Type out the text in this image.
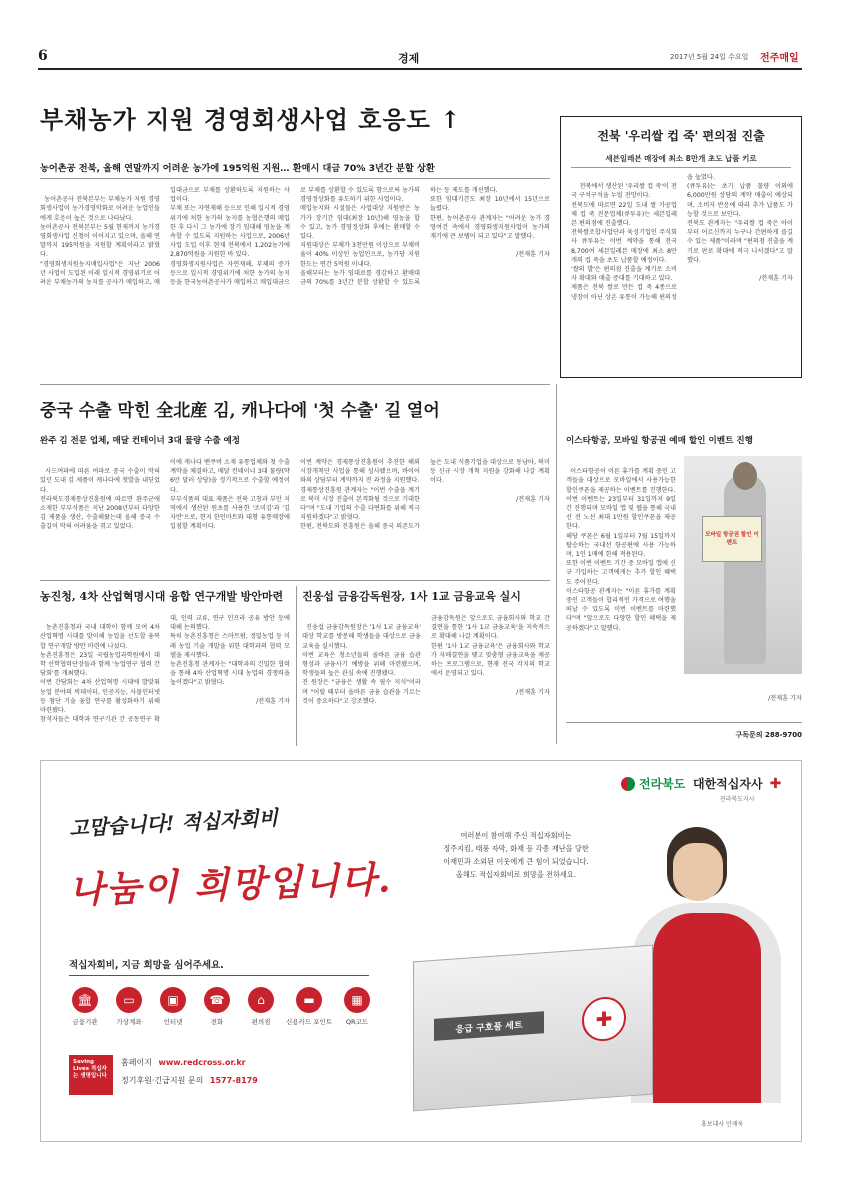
6	경제	2017년 5월 24일 수요일 전주매일
부채농가 지원 경영회생사업 호응도 ↑
농어촌공 전북, 올해 연말까지 어려운 농가에 195억원 지원… 환매시 대금 70% 3년간 분할 상환

농어촌공사 전북본부는 부채농가 지원 경영회생사업이 농가경영악화로 어려운 농업인들에게 호응이 높은 것으로 나타났다.
농어촌공사 전북본부는 5월 현재까지 농가경영회생사업 신청이 이어지고 있으며, 올해 연말까지 195억원을 지원할 계획이라고 밝혔다.
"경영회생지원농지매입사업"은 지난 2006년 사업이 도입된 이래 일시적 경영위기로 어려운 부채농가의 농지를 공사가 매입하고, 매입대금으로 부채를 상환하도록 지원하는 사업이다.
부채 또는 자연재해 등으로 인해 일시적 경영위기에 처한 농가의 농지를 농협은행의 매입한 후 다시 그 농가에 장기 임대해 영농을 계속할 수 있도록 지원하는 사업으로, 2006년 사업 도입 이후 현재 전북에서 1,202농가에 2,870억원을 지원한 바 있다.
경영회생지원사업은 자연재해, 부채의 증가 등으로 일시적 경영위기에 처한 농가의 농지 등을 한국농어촌공사가 매입하고 매입대금으로 부채를 상환할 수 있도록 함으로써 농가의 경영정상화를 유도하기 위한 사업이다.
매입농지와 시설물은 사업대상 지원받은 농가가 장기간 임대(최장 10년)해 영농을 할 수 있고, 농가 경영정상화 후에는 환매할 수 있다.
지원대상은 부채가 3천만원 이상으로 부채비율이 40% 이상인 농업인으로, 농가당 지원 한도는 연간 5억원 이내다.
올해부터는 농가 임대료를 경감하고 환매대금의 70%를 3년간 분할 상환할 수 있도록 하는 등 제도를 개선했다.
또한 임대기간도 최장 10년에서 15년으로 늘렸다.
한편, 농어촌공사 관계자는 "어려운 농가 경영여건 속에서 경영회생지원사업이 농가의 재기에 큰 보탬이 되고 있다"고 말했다.

/전재훈 기자

전북 '우리쌀 컵 죽' 편의점 진출
세븐일레븐 매장에 최소 8만개 초도 납품 키로

전북에서 생산된 '우리쌀 컵 죽'이 전국 구석구석을 누빌 전망이다.
전북도에 따르면 22일 도내 쌀 가공업체 컵 죽 전문업체(큐투유)는 세븐일레븐 편의점에 진출했다.
전북쌀조합사업단과 육성기업인 주식회사 큐투유는 이번 계약을 통해 전국 8,700여 세븐일레븐 매장에 최소 8만개의 컵 죽을 초도 납품할 예정이다.
'쌀의 발'은 편의점 진출을 계기로 소비자 확대와 매출 증대를 기대하고 있다.
제품은 전북 쌀로 만든 컵 죽 4종으로 냉장이 아닌 상온 유통이 가능해 편의성을 높였다.
(큐투유)는 초기 납품 물량 이외에 6,000만원 상당의 계약 매출이 예상되며, 소비자 반응에 따라 추가 납품도 가능할 것으로 보인다.
전북도 관계자는 "우리쌀 컵 죽은 아이부터 어르신까지 누구나 간편하게 즐길 수 있는 제품"이라며 "편의점 진출을 계기로 판로 확대에 적극 나서겠다"고 말했다.

/전재훈 기자

중국 수출 막힌 全北産 김, 캐나다에 '첫 수출' 길 열어
완주 김 전문 업체, 매달 컨테이너 3대 물량 수출 예정

사드여파에 따른 여파로 중국 수출이 막혀 있던 도내 김 제품이 캐나다에 첫발을 내딛었다.
전라북도경제통상진흥원에 따르면 완주군에 소재한 부부식품은 지난 2008년부터 다양한 김 제품을 생산, 수출해왔는데 올해 중국 수출길이 막혀 어려움을 겪고 있었다.
이에 캐나다 밴쿠버 소재 유통업체와 첫 수출계약을 체결하고, 매달 컨테이너 3대 물량(약 6만 달러 상당)을 정기적으로 수출할 예정이다.
부부식품의 대표 제품은 전북 고창과 부안 지역에서 생산된 원초를 사용한 '조미김'과 '김자반'으로, 현지 한인마트와 대형 유통매장에 입점할 계획이다.
이번 계약은 경제통상진흥원이 추진한 해외시장개척단 사업을 통해 성사됐으며, 바이어와의 상담부터 계약까지 전 과정을 지원했다.
경제통상진흥원 관계자는 "이번 수출을 계기로 북미 시장 진출이 본격화될 것으로 기대한다"며 "도내 기업의 수출 다변화를 위해 적극 지원하겠다"고 밝혔다.
한편, 전북도와 진흥원은 올해 중국 의존도가 높은 도내 식품기업을 대상으로 동남아, 북미 등 신규 시장 개척 지원을 강화해 나갈 계획이다.

/전재훈 기자

이스타항공, 모바일 항공권 예매 할인 이벤트 진행

이스타항공이 이른 휴가를 계획 중인 고객들을 대상으로 모바일에서 사용가능한 할인쿠폰을 제공하는 이벤트를 진행한다.
이번 이벤트는 23일부터 31일까지 9일간 진행되며 모바일 앱 및 웹을 통해 국내선 전 노선 최대 1만원 할인쿠폰을 제공한다.
해당 쿠폰은 6월 1일부터 7월 15일까지 탑승하는 국내선 항공편에 사용 가능하며, 1인 1매에 한해 적용된다.
또한 이번 이벤트 기간 중 모바일 앱에 신규 가입하는 고객에게는 추가 할인 혜택도 주어진다.
이스타항공 관계자는 "이른 휴가를 계획 중인 고객들이 합리적인 가격으로 여행을 떠날 수 있도록 이번 이벤트를 마련했다"며 "앞으로도 다양한 할인 혜택을 제공하겠다"고 말했다.

모바일 항공권 할인 이벤트

/전재훈 기자

구독문의 288-9700
농진청, 4차 산업혁명시대 융합 연구개발 방안마련

농촌진흥청과 국내 대학이 함께 모여 4차 산업혁명 시대를 맞이해 농업을 선도할 융복합 연구개발 방안 마련에 나섰다.
농촌진흥청은 23일 국립농업과학원에서 대학 산학협력단장들과 함께 '농업연구 협력 간담회'를 개최했다.
이번 간담회는 4차 산업혁명 시대에 발맞춰 농업 분야의 빅데이터, 인공지능, 사물인터넷 등 첨단 기술 융합 연구를 활성화하기 위해 마련됐다.
참석자들은 대학과 연구기관 간 공동연구 확대, 인력 교류, 연구 인프라 공유 방안 등에 대해 논의했다.
특히 농촌진흥청은 스마트팜, 정밀농업 등 미래 농업 기술 개발을 위한 대학과의 협력 모델을 제시했다.
농촌진흥청 관계자는 "대학과의 긴밀한 협력을 통해 4차 산업혁명 시대 농업의 경쟁력을 높이겠다"고 밝혔다.

/전재훈 기자

진웅섭 금융감독원장, 1사 1교 금융교육 실시

진웅섭 금융감독원장은 '1사 1교 금융교육' 대상 학교를 방문해 학생들을 대상으로 금융교육을 실시했다.
이번 교육은 청소년들의 올바른 금융 습관 형성과 금융사기 예방을 위해 마련됐으며, 학생들의 높은 관심 속에 진행됐다.
진 원장은 "금융은 생활 속 필수 지식"이라며 "어릴 때부터 올바른 금융 습관을 기르는 것이 중요하다"고 강조했다.
금융감독원은 앞으로도 금융회사와 학교 간 결연을 통한 '1사 1교 금융교육'을 지속적으로 확대해 나갈 계획이다.
한편 '1사 1교 금융교육'은 금융회사와 학교가 자매결연을 맺고 맞춤형 금융교육을 제공하는 프로그램으로, 현재 전국 각지의 학교에서 운영되고 있다.

/전재훈 기자

전라북도 대한적십자사 ✚
전라북도지사
고맙습니다! 적십자회비
나눔이 희망입니다.
여러분이 참여해 주신 적십자회비는
정주지킴, 태풍 자막, 화재 등 각종 재난을 당한
이재민과 소외된 이웃에게 큰 힘이 되었습니다.
올해도 적십자회비로 희망을 전하세요.
적십자회비, 지금 희망을 심어주세요.
🏛
금융기관
▭
가상계좌
▣
인터넷
☎
전화
⌂
편의점
▬
신용카드 포인트
▦
QR코드
Saving Lives 적십자는 생명입니다
홈페이지 www.redcross.or.kr
정기후원·긴급지원 문의 1577-8179
응급 구호품 세트	✚
홍보대사 안재욱
